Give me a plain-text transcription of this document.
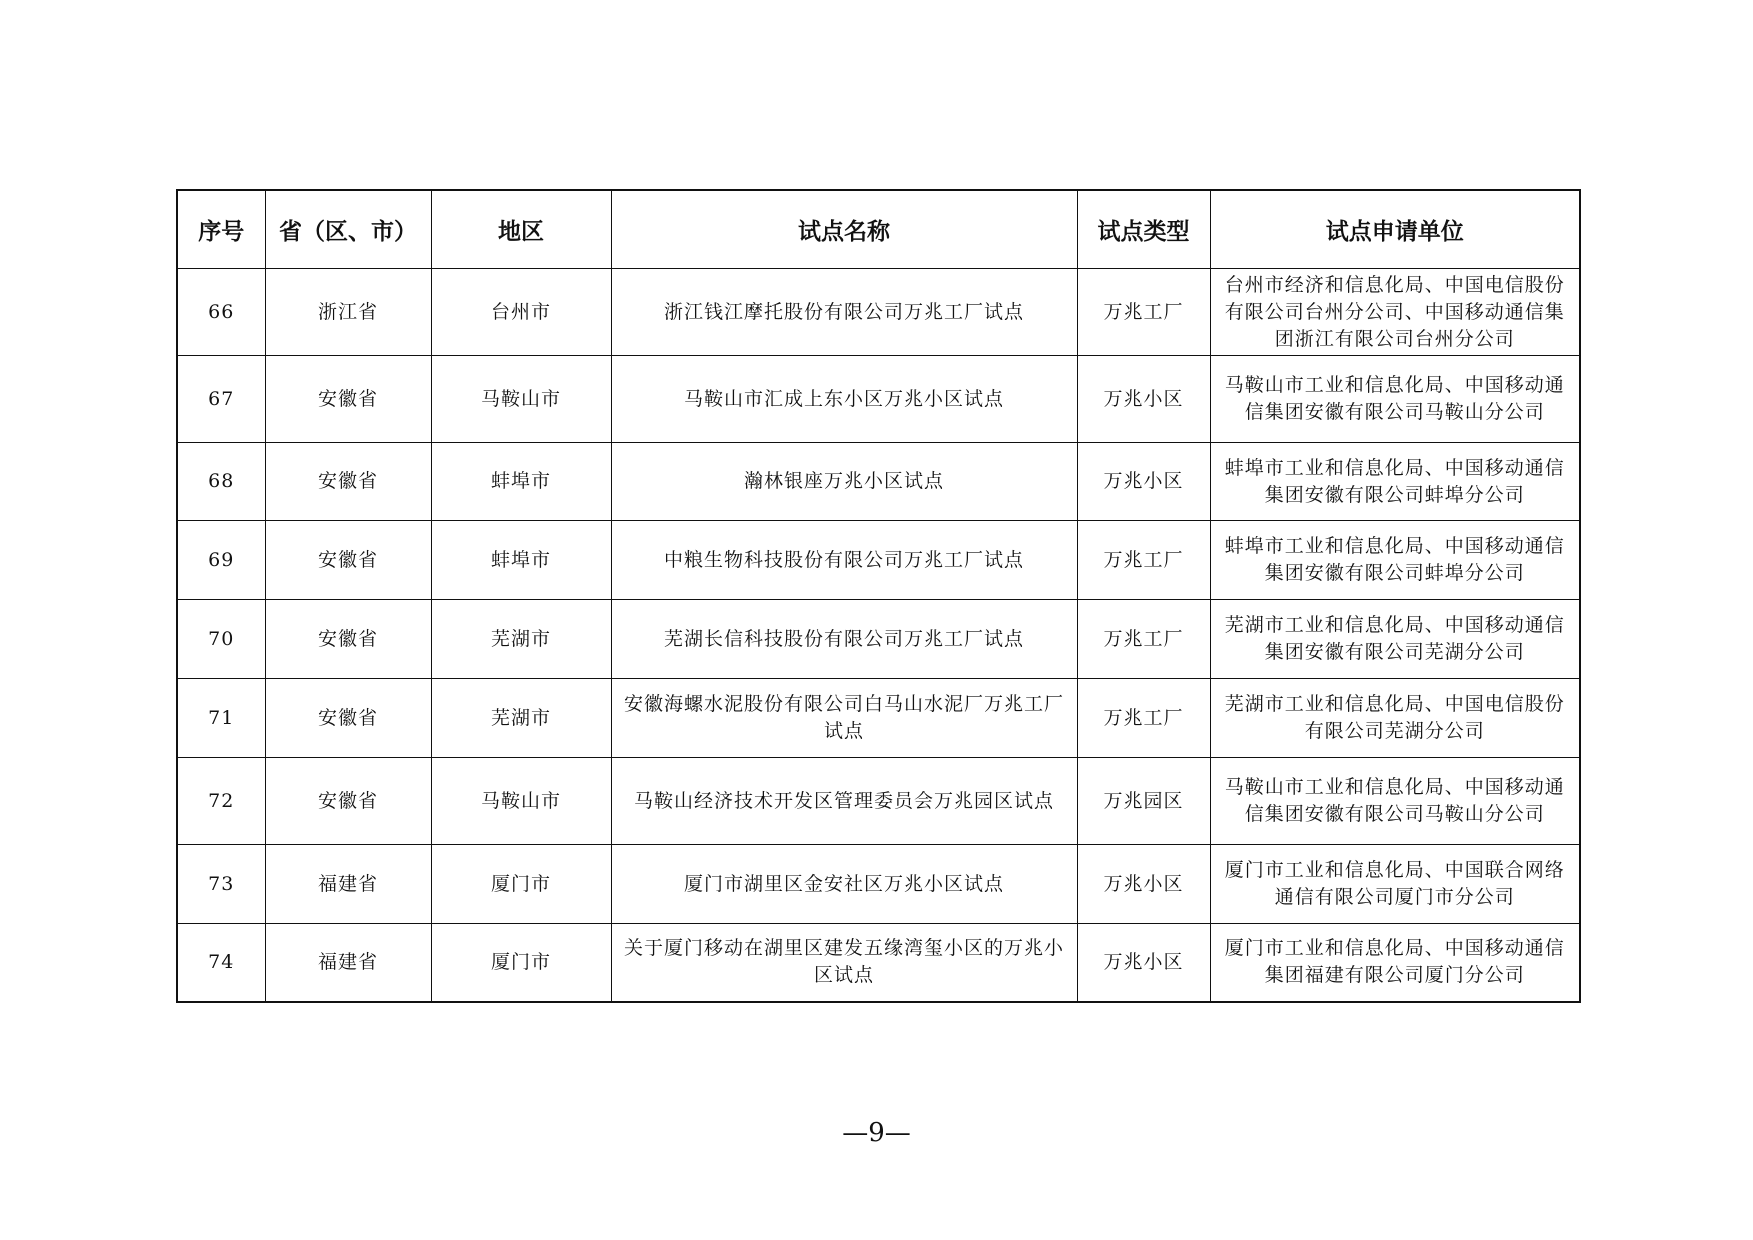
序号	省（区、市）	地区	试点名称	试点类型	试点申请单位
66	浙江省	台州市	浙江钱江摩托股份有限公司万兆工厂试点	万兆工厂	台州市经济和信息化局、中国电信股份有限公司台州分公司、中国移动通信集团浙江有限公司台州分公司
67	安徽省	马鞍山市	马鞍山市汇成上东小区万兆小区试点	万兆小区	马鞍山市工业和信息化局、中国移动通信集团安徽有限公司马鞍山分公司
68	安徽省	蚌埠市	瀚林银座万兆小区试点	万兆小区	蚌埠市工业和信息化局、中国移动通信集团安徽有限公司蚌埠分公司
69	安徽省	蚌埠市	中粮生物科技股份有限公司万兆工厂试点	万兆工厂	蚌埠市工业和信息化局、中国移动通信集团安徽有限公司蚌埠分公司
70	安徽省	芜湖市	芜湖长信科技股份有限公司万兆工厂试点	万兆工厂	芜湖市工业和信息化局、中国移动通信集团安徽有限公司芜湖分公司
71	安徽省	芜湖市	安徽海螺水泥股份有限公司白马山水泥厂万兆工厂试点	万兆工厂	芜湖市工业和信息化局、中国电信股份有限公司芜湖分公司
72	安徽省	马鞍山市	马鞍山经济技术开发区管理委员会万兆园区试点	万兆园区	马鞍山市工业和信息化局、中国移动通信集团安徽有限公司马鞍山分公司
73	福建省	厦门市	厦门市湖里区金安社区万兆小区试点	万兆小区	厦门市工业和信息化局、中国联合网络通信有限公司厦门市分公司
74	福建省	厦门市	关于厦门移动在湖里区建发五缘湾玺小区的万兆小区试点	万兆小区	厦门市工业和信息化局、中国移动通信集团福建有限公司厦门分公司
—9—
